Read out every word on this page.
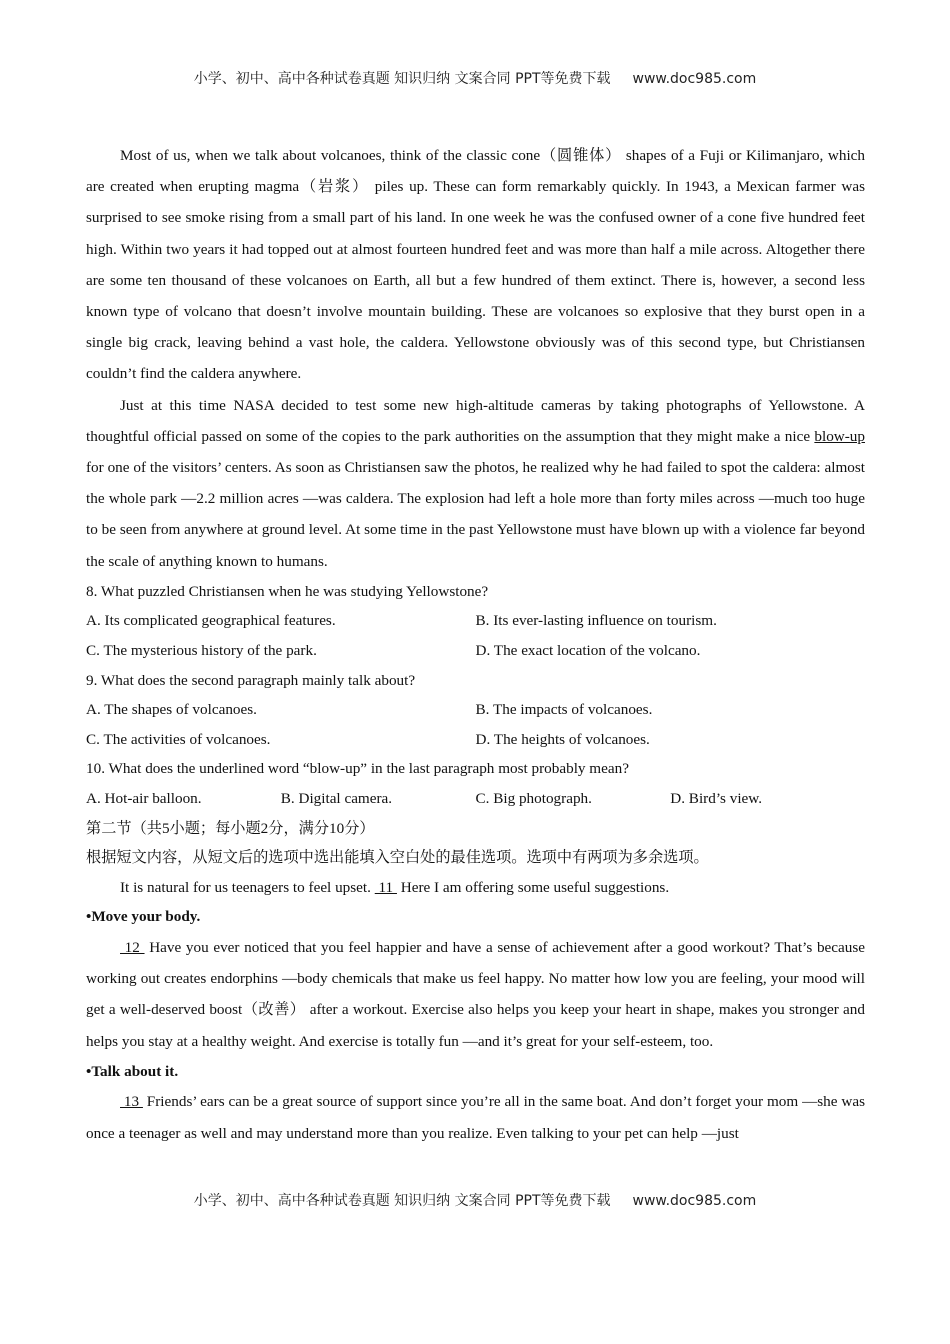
小学、初中、高中各种试卷真题 知识归纳 文案合同 PPT等免费下载 www.doc985.com

Most of us, when we talk about volcanoes, think of the classic cone（圆锥体） shapes of a Fuji or Kilimanjaro, which are created when erupting magma（岩浆） piles up. These can form remarkably quickly. In 1943, a Mexican farmer was surprised to see smoke rising from a small part of his land. In one week he was the confused owner of a cone five hundred feet high. Within two years it had topped out at almost fourteen hundred feet and was more than half a mile across. Altogether there are some ten thousand of these volcanoes on Earth, all but a few hundred of them extinct. There is, however, a second less known type of volcano that doesn’t involve mountain building. These are volcanoes so explosive that they burst open in a single big crack, leaving behind a vast hole, the caldera. Yellowstone obviously was of this second type, but Christiansen couldn’t find the caldera anywhere.

Just at this time NASA decided to test some new high-altitude cameras by taking photographs of Yellowstone. A thoughtful official passed on some of the copies to the park authorities on the assumption that they might make a nice blow-up for one of the visitors’ centers. As soon as Christiansen saw the photos, he realized why he had failed to spot the caldera: almost the whole park —2.2 million acres —was caldera. The explosion had left a hole more than forty miles across —much too huge to be seen from anywhere at ground level. At some time in the past Yellowstone must have blown up with a violence far beyond the scale of anything known to humans.

8. What puzzled Christiansen when he was studying Yellowstone?
A. Its complicated geographical features.	B. Its ever-lasting influence on tourism.
C. The mysterious history of the park.	D. The exact location of the volcano.
9. What does the second paragraph mainly talk about?
A. The shapes of volcanoes.	B. The impacts of volcanoes.
C. The activities of volcanoes.	D. The heights of volcanoes.
10. What does the underlined word “blow-up” in the last paragraph most probably mean?
A. Hot-air balloon.	B. Digital camera.	C. Big photograph.	D. Bird’s view.
第二节（共5小题；每小题2分，满分10分）
根据短文内容，从短文后的选项中选出能填入空白处的最佳选项。选项中有两项为多余选项。
It is natural for us teenagers to feel upset.  11  Here I am offering some useful suggestions.
•Move your body.

12  Have you ever noticed that you feel happier and have a sense of achievement after a good workout? That’s because working out creates endorphins —body chemicals that make us feel happy. No matter how low you are feeling, your mood will get a well-deserved boost（改善） after a workout. Exercise also helps you keep your heart in shape, makes you stronger and helps you stay at a healthy weight. And exercise is totally fun —and it’s great for your self-esteem, too.

•Talk about it.

13  Friends’ ears can be a great source of support since you’re all in the same boat. And don’t forget your mom —she was once a teenager as well and may understand more than you realize. Even talking to your pet can help —just

小学、初中、高中各种试卷真题 知识归纳 文案合同 PPT等免费下载 www.doc985.com
